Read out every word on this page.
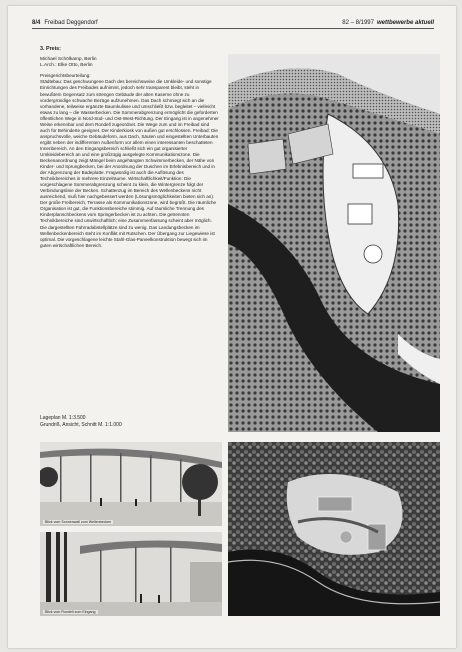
8/4 Freibad Deggendorf	82 – 8/1997 wettbewerbe aktuell
3. Preis:
Michael Schölkamp, Berlin
L.Arch.: Elke Otto, Berlin
Preisgerichtsbeurteilung:

Städtebau: Das geschwungene Dach des bereichsweise die Umkleide- und sonstige Einrichtungen des Freibades aufnimmt, jedoch sehr transparent bleibt, steht in bewußtem Gegensatz zum strengen Gebäude der alten Kaserne ohne zu vordergründige schwache Bezüge aufzunehmen. Das Dach schmiegt sich an die vorhandene, teilweise ergänzte Baumkulisse und umschließt bzw. begleitet – vielleicht etwas zu lang – die Wasserbecken. Die Sommerabgrenzung ermöglicht die geforderten öffentlichen Wege in Nord-Süd- und Ost-West-Richtung. Der Eingang ist in angenehmer Weise erkennbar und dem Rondell zugeordnet. Die Wege zum und im Freibad sind auch für Behinderte geeignet. Der Kinderkiosk von außen gut erschlossen. Freibad: Die anspruchsvolle, weiche Gebäudeform, aus Dach, Säulen und eingestellten Unterbauten ergibt neben der indifferenten Außenform vor allem einen interessanten beschatteten Innenbereich. An den Eingangsbereich schließt sich ein gut organisierter Umkleidebereich an und eine großzügig ausgelegte Kommunikationszone. Die Beckenanordnung zeigt Mängel beim angehängten Schwimmerbecken, der Nähe von Kinder- und Sprungbecken, bei der Anordnung der Duschen im Erlebnisbereich und in der Abgrenzung der Badeplatte. Fragwürdig ist auch die Auflösung des Technikbereiches in mehrere Einzelräume. Wirtschaftlichkeit/Funktion: Die vorgeschlagene Sommerabgrenzung scheint zu klein, die Wintergrenze folgt der Verbindungslinie der Becken. Schattenzug im Bereich des Wellenbeckens nicht ausreichend, muß hier nachgebessert werden (Lösungsmöglichkeiten bieten sich an). Der große Freibereich, Terrasse als Kommunikationszone, wird begrüßt. Die räumliche Organisation ist gut, die Funktionsbereiche stimmig. Auf räumliche Trennung des Kinderplanschbeckens vom Springerbecken ist zu achten. Die getrennten Technikbereiche sind unwirtschaftlich; eine Zusammenfassung scheint aber möglich. Die dargestellten Fahrradabstellplätze sind zu wenig. Das Landungsbecken im Wellenbeckenbereich steht im Konflikt mit Rutschen. Der Übergang zur Liegewiese ist optimal. Die vorgeschlagene leichte Stahl-Glas-Paneelkonstruktion bewegt sich im guten wirtschaftlichen Bereich.

Lageplan M. 1:3.500
Grundriß, Ansicht, Schnitt M. 1:1.000
Blick vom Sonnenwall zum Wellenbecken
Blick vom Rondell zum Eingang
